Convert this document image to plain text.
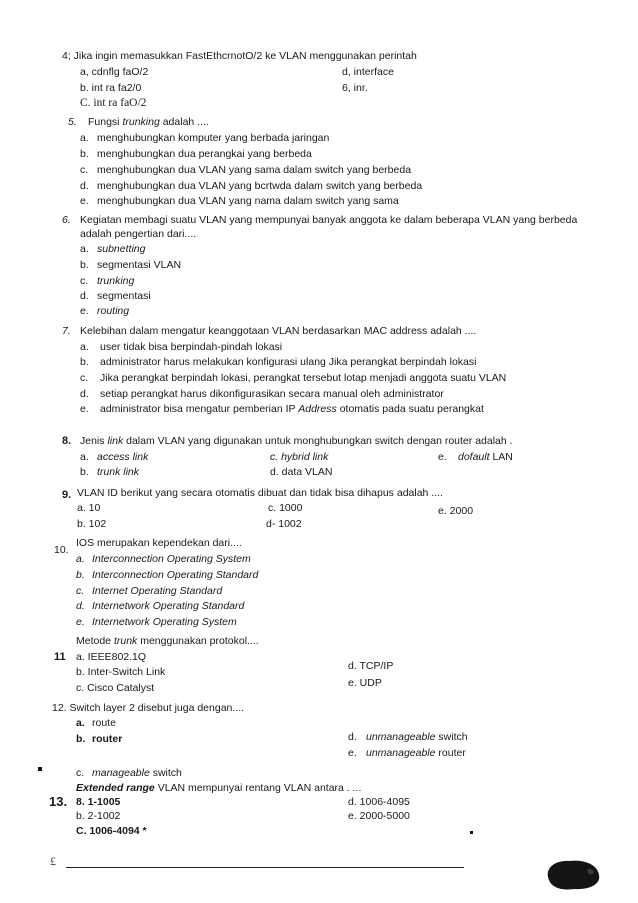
4; Jika ingin memasukkan FastEthcrnotO/2 ke VLAN menggunakan perintah
a, cdnflg faO/2	d, interface
b. int ra fa2/0	6, inr.
C. int ra faO/2
5. Fungsi trunking adalah ....
a. menghubungkan komputer yang berbada jaringan
b. menghubungkan dua perangkai yang berbeda
c. menghubungkan dua VLAN yang sama dalam switch yang berbeda
d. menghubungkan dua VLAN yang bcrtwda dalam switch yang berbeda
e. menghubungkan dua VLAN yang nama dalam switch yang sama
6. Kegiatan membagi suatu VLAN yang mempunyai banyak anggota ke dalam beberapa VLAN yang berbeda
adalah pengertian dari....
a. subnetting
b. segmentasi VLAN
c. trunking
d. segmentasi
e. routing
7. Kelebihan dalam mengatur keanggotaan VLAN berdasarkan MAC address adalah ....
a. user tidak bisa berpindah-pindah lokasi
b. administrator harus melakukan konfigurasi ulang Jika perangkat berpindah lokasi
c. Jika perangkat berpindah lokasi, perangkat tersebut lotap menjadi anggota suatu VLAN
d. setiap perangkat harus dikonfigurasikan secara manual oleh administrator
e. administrator bisa mengatur pemberian IP Address otomatis pada suatu perangkat
8. Jenis link dalam VLAN yang digunakan untuk monghubungkan switch dengan router adalah .
a. access link	c. hybrid link	e. dofault LAN
b. trunk link	d. data VLAN
9. VLAN ID berikut yang secara otomatis dibuat dan tidak bisa dihapus adalah ....
a. 10	c. 1000	e. 2000
b. 102	d- 1002
IOS merupakan kependekan dari....
10.
a. Interconnection Operating System
b. Interconnection Operating Standard
c. Internet Operating Standard
d. Internetwork Operating Standard
e. Internetwork Operating System
Metode trunk menggunakan protokol....
11 a. IEEE802.1Q
d. TCP/IP
b. Inter-Switch Link
e. UDP
c. Cisco Catalyst
12. Switch layer 2 disebut juga dengan....
a. route
b. router	d. unmanageable switch
e. unmanageable router
c. manageable switch
Extended range VLAN mempunyai rentang VLAN antara . ...
13. 8. 1-1005	d. 1006-4095
b. 2-1002	e. 2000-5000
C. 1006-4094 *
£
